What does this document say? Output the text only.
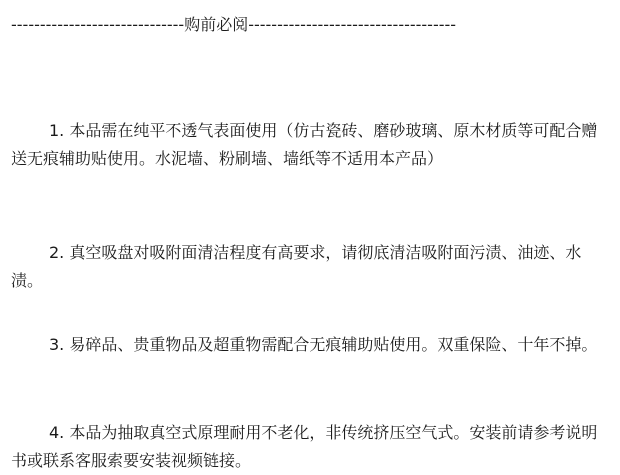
------------------------------购前必阅------------------------------------

1. 本品需在纯平不透气表面使用（仿古瓷砖、磨砂玻璃、原木材质等可配合赠送无痕辅助贴使用。水泥墙、粉刷墙、墙纸等不适用本产品）

2. 真空吸盘对吸附面清洁程度有高要求，请彻底清洁吸附面污渍、油迹、水渍。

3. 易碎品、贵重物品及超重物需配合无痕辅助贴使用。双重保险、十年不掉。

4. 本品为抽取真空式原理耐用不老化，非传统挤压空气式。安装前请参考说明书或联系客服索要安装视频链接。
